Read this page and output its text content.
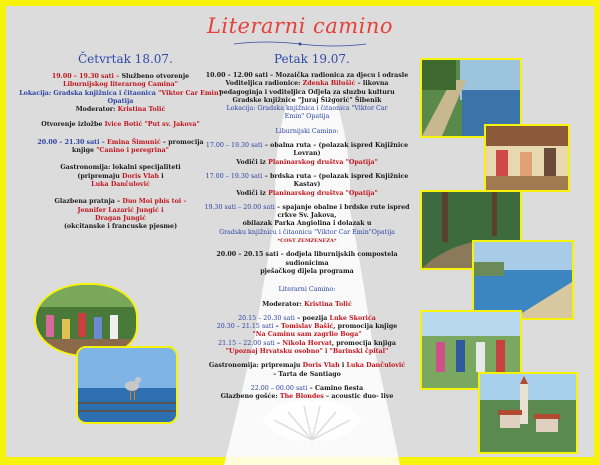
Literarni camino
Četvrtak 18.07.

19.00 – 19.30 sati – Službeno otvorenje
Liburnijskog literarnog Camina"
Lokacija: Gradska knjižnica i čitaonica "Viktor Car Emin"
Opatija
Moderator: Kristina Tolić

Otvorenje izložbe Ivice Botić "Put sv. Jakova"

20.00 – 21.30 sati – Emina Šimunić – promocija
knjige "Canino i peregrina"

Gastronomija: lokalni specijaliteti
(pripremaju Doris Vlah i
Luka Dančulović

Glazbena pratnja – Duo Moi phis toi –
Jennifer Lazarić Jungić i
Dragan Jungić
(okcitanske i francuske pjesme)

Petak 19.07.

10.00 – 12.00 sati – Mozaička radionica za djecu i odrasle
Voditeljica radionice: Zdenka Bilušić – likovna
pedagoginja i voditeljica Odjela za sluzbu kulturu
Gradske knjižnice "Juraj Šižgorić" Šibenik
Lokacija: Gradska knjižnica i čitaonica "Viktor Car
Emin" Opatija

Liburnijski Camino:

17.00 – 19.30 sati – obalna ruta – (polazak ispred Knjižnice Lovran)
Vodiči iz Planinarskog društva "Opatija"

17.00 – 19.30 sati – brdska ruta – (polazak ispred Knjižnice Kastav)
Vodiči iz Planinarskog društva "Opatija"

19.30 sati – 20.00 sati – spajanje obalne i brdske rute ispred
crkve Sv. Jakova,
obilazak Parka Angiolina i dolazak u
Gradsku knjižnicu i čitaonicu "Viktor Car Emin"Opatija
*COST ZEMZENEZA*

20.00 – 20.15 sati – dodjela liburnijskih compostela sudionicima
pješačkog dijela programa

Literarni Camino:

Moderator: Kristina Tolić

20.15 – 20.30 sati – poezija Luke Skorića
20.30 – 21.15 sati – Tomislav Bašić, promocija knjige
"Na Caminu sam zagrlio Boga"
21.15 – 22.00 sati – Nikola Horvat, promocija knjiga
"Upoznaj Hrvatsku osobno" i "Barinski čpital"

Gastronomija: pripremaju Doris Vlah i Luka Dančulović
– Tarta de Santiago

22.00 – 00.00 sati – Camino fiesta
Glazbeno gošće: The Blondes – acoustic duo- live
